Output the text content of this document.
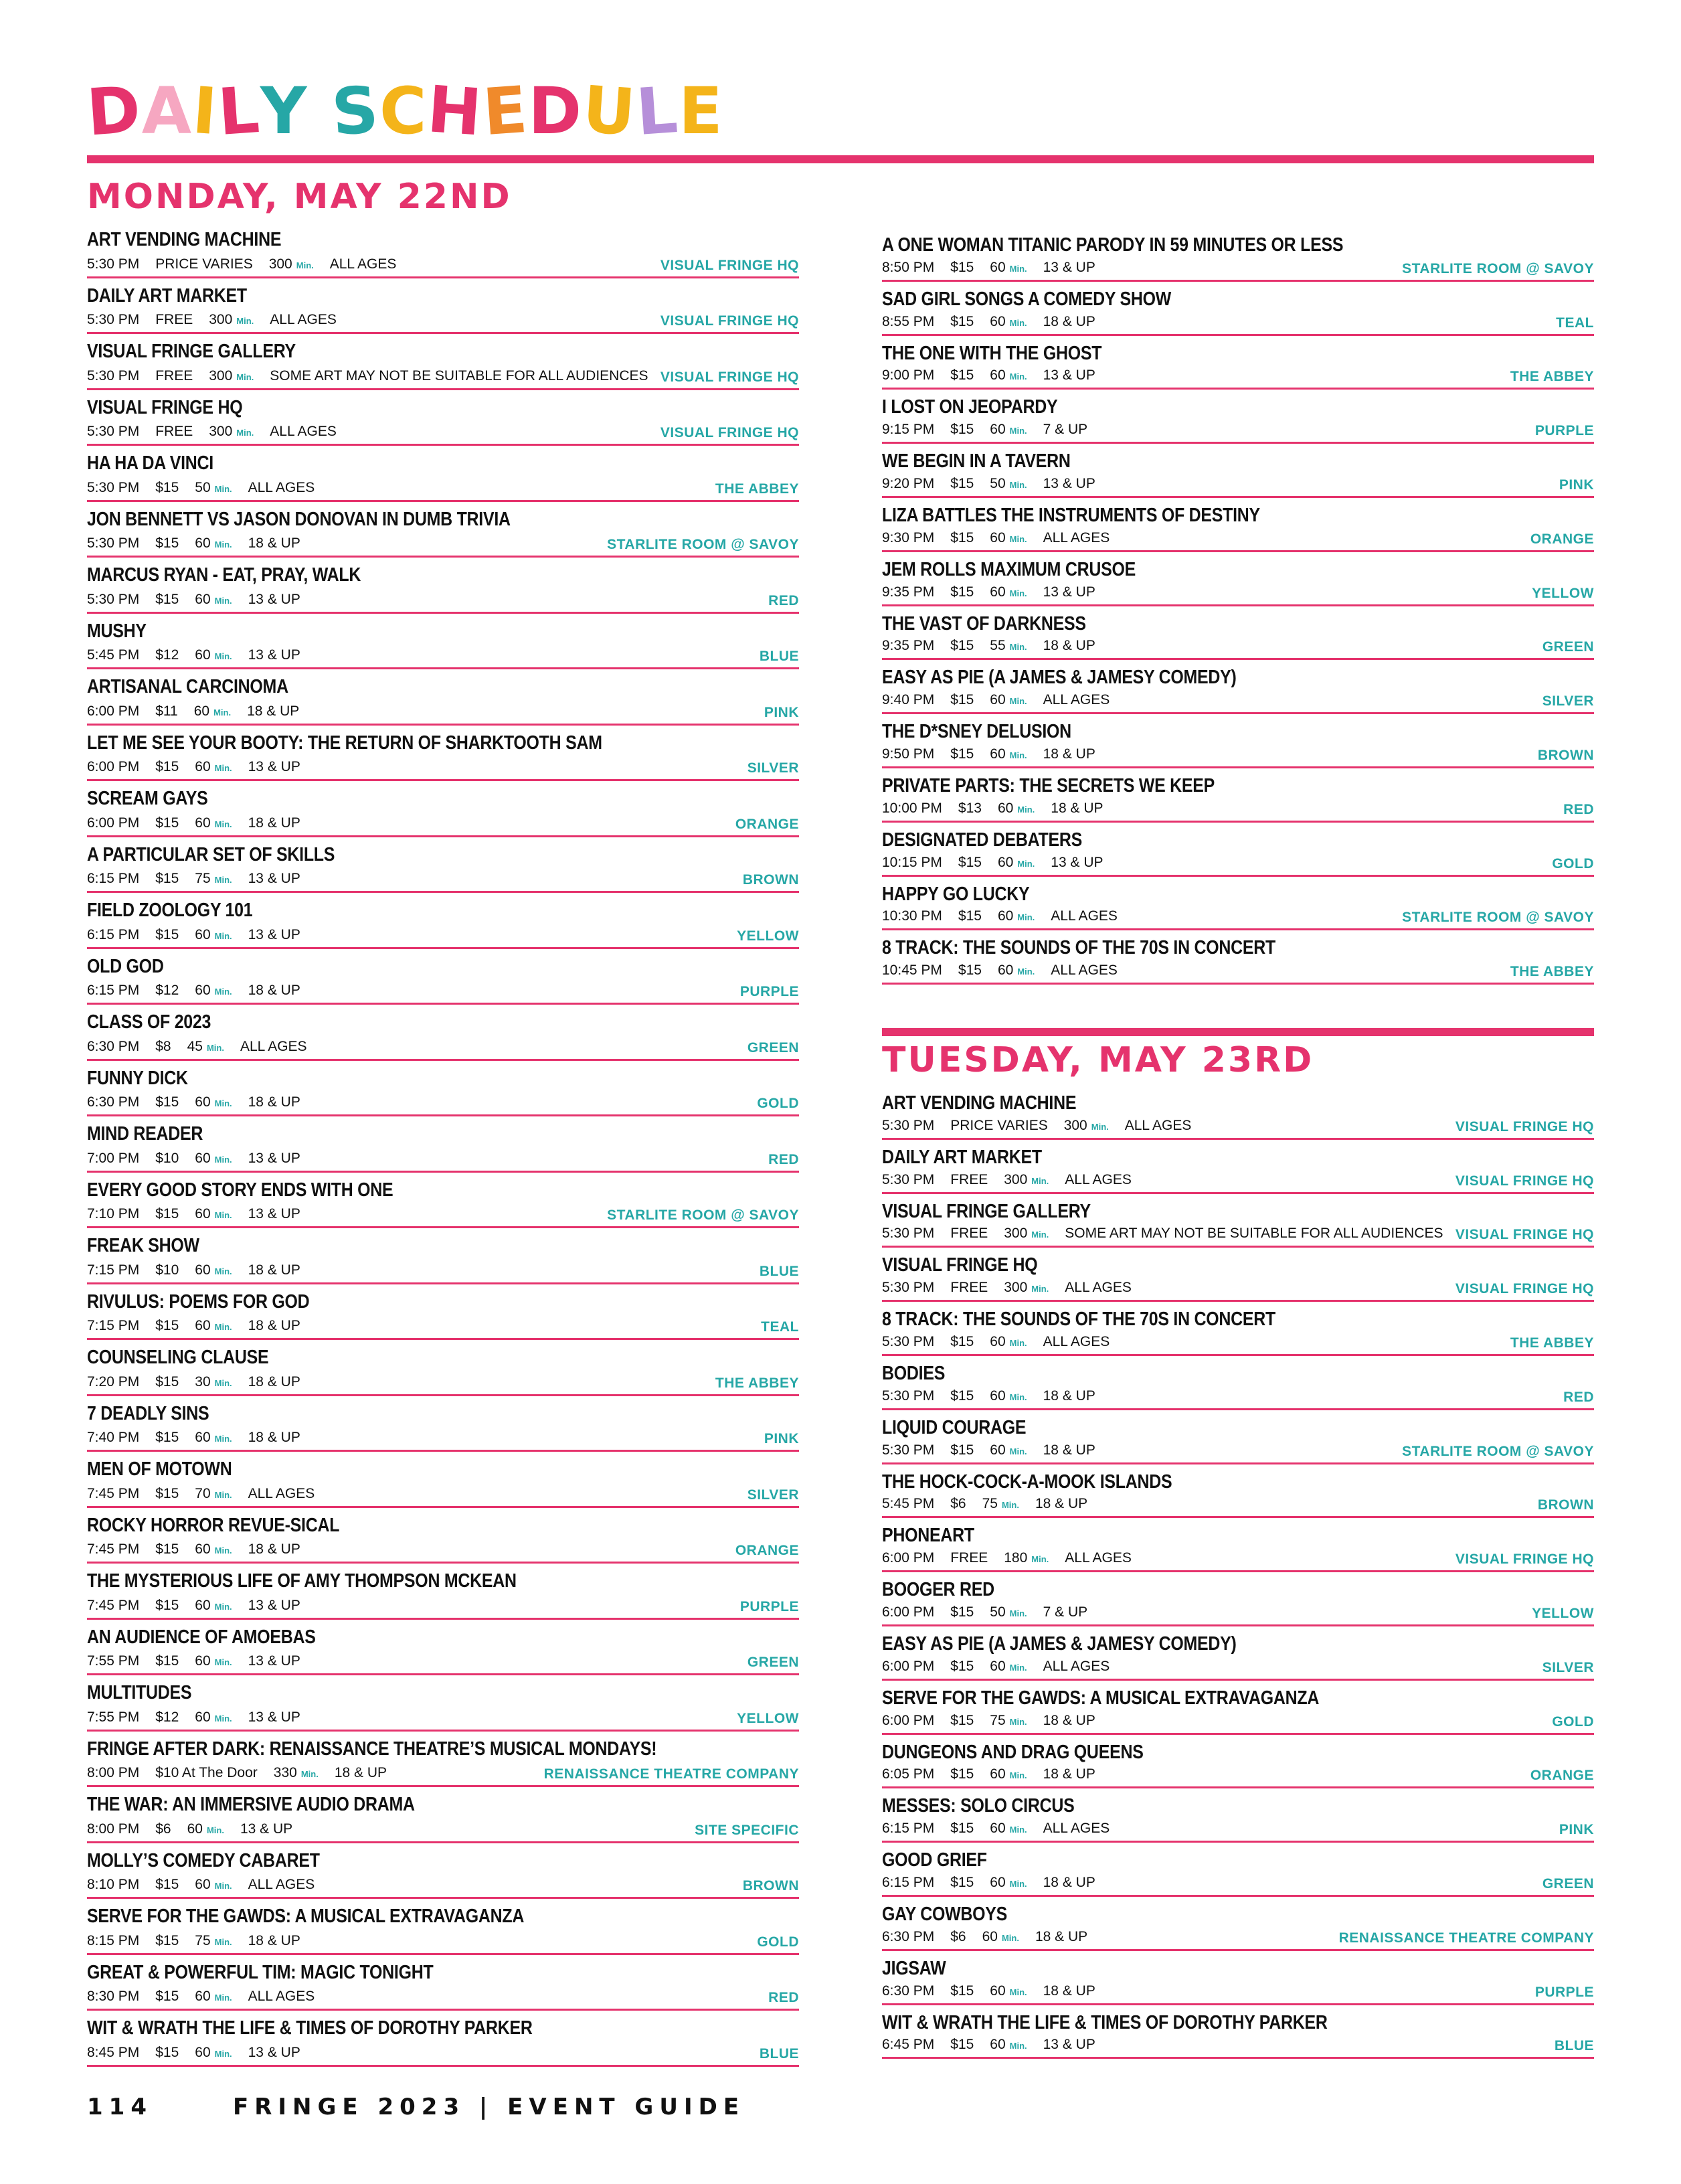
DAILY SCHEDULE
MONDAY, MAY 22ND
ART VENDING MACHINE
5:30 PM PRICE VARIES 300 Min. ALL AGES	VISUAL FRINGE HQ
DAILY ART MARKET
5:30 PM FREE 300 Min. ALL AGES	VISUAL FRINGE HQ
VISUAL FRINGE GALLERY
5:30 PM FREE 300 Min. SOME ART MAY NOT BE SUITABLE FOR ALL AUDIENCES VISUAL FRINGE HQ
VISUAL FRINGE HQ
5:30 PM FREE 300 Min. ALL AGES	VISUAL FRINGE HQ
HA HA DA VINCI
5:30 PM $15 50 Min. ALL AGES	THE ABBEY
JON BENNETT VS JASON DONOVAN IN DUMB TRIVIA
5:30 PM $15 60 Min. 18 & UP	STARLITE ROOM @ SAVOY
MARCUS RYAN - EAT, PRAY, WALK
5:30 PM $15 60 Min. 13 & UP	RED
MUSHY
5:45 PM $12 60 Min. 13 & UP	BLUE
ARTISANAL CARCINOMA
6:00 PM $11 60 Min. 18 & UP	PINK
LET ME SEE YOUR BOOTY: THE RETURN OF SHARKTOOTH SAM
6:00 PM $15 60 Min. 13 & UP	SILVER
SCREAM GAYS
6:00 PM $15 60 Min. 18 & UP	ORANGE
A PARTICULAR SET OF SKILLS
6:15 PM $15 75 Min. 13 & UP	BROWN
FIELD ZOOLOGY 101
6:15 PM $15 60 Min. 13 & UP	YELLOW
OLD GOD
6:15 PM $12 60 Min. 18 & UP	PURPLE
CLASS OF 2023
6:30 PM $8 45 Min. ALL AGES	GREEN
FUNNY DICK
6:30 PM $15 60 Min. 18 & UP	GOLD
MIND READER
7:00 PM $10 60 Min. 13 & UP	RED
EVERY GOOD STORY ENDS WITH ONE
7:10 PM $15 60 Min. 13 & UP	STARLITE ROOM @ SAVOY
FREAK SHOW
7:15 PM $10 60 Min. 18 & UP	BLUE
RIVULUS: POEMS FOR GOD
7:15 PM $15 60 Min. 18 & UP	TEAL
COUNSELING CLAUSE
7:20 PM $15 30 Min. 18 & UP	THE ABBEY
7 DEADLY SINS
7:40 PM $15 60 Min. 18 & UP	PINK
MEN OF MOTOWN
7:45 PM $15 70 Min. ALL AGES	SILVER
ROCKY HORROR REVUE-SICAL
7:45 PM $15 60 Min. 18 & UP	ORANGE
THE MYSTERIOUS LIFE OF AMY THOMPSON MCKEAN
7:45 PM $15 60 Min. 13 & UP	PURPLE
AN AUDIENCE OF AMOEBAS
7:55 PM $15 60 Min. 13 & UP	GREEN
MULTITUDES
7:55 PM $12 60 Min. 13 & UP	YELLOW
FRINGE AFTER DARK: RENAISSANCE THEATRE’S MUSICAL MONDAYS!
8:00 PM $10 At The Door 330 Min. 18 & UP	RENAISSANCE THEATRE COMPANY
THE WAR: AN IMMERSIVE AUDIO DRAMA
8:00 PM $6 60 Min. 13 & UP	SITE SPECIFIC
MOLLY’S COMEDY CABARET
8:10 PM $15 60 Min. ALL AGES	BROWN
SERVE FOR THE GAWDS: A MUSICAL EXTRAVAGANZA
8:15 PM $15 75 Min. 18 & UP	GOLD
GREAT & POWERFUL TIM: MAGIC TONIGHT
8:30 PM $15 60 Min. ALL AGES	RED
WIT & WRATH THE LIFE & TIMES OF DOROTHY PARKER
8:45 PM $15 60 Min. 13 & UP	BLUE
A ONE WOMAN TITANIC PARODY IN 59 MINUTES OR LESS
8:50 PM $15 60 Min. 13 & UP	STARLITE ROOM @ SAVOY
SAD GIRL SONGS A COMEDY SHOW
8:55 PM $15 60 Min. 18 & UP	TEAL
THE ONE WITH THE GHOST
9:00 PM $15 60 Min. 13 & UP	THE ABBEY
I LOST ON JEOPARDY
9:15 PM $15 60 Min. 7 & UP	PURPLE
WE BEGIN IN A TAVERN
9:20 PM $15 50 Min. 13 & UP	PINK
LIZA BATTLES THE INSTRUMENTS OF DESTINY
9:30 PM $15 60 Min. ALL AGES	ORANGE
JEM ROLLS MAXIMUM CRUSOE
9:35 PM $15 60 Min. 13 & UP	YELLOW
THE VAST OF DARKNESS
9:35 PM $15 55 Min. 18 & UP	GREEN
EASY AS PIE (A JAMES & JAMESY COMEDY)
9:40 PM $15 60 Min. ALL AGES	SILVER
THE D*SNEY DELUSION
9:50 PM $15 60 Min. 18 & UP	BROWN
PRIVATE PARTS: THE SECRETS WE KEEP
10:00 PM $13 60 Min. 18 & UP	RED
DESIGNATED DEBATERS
10:15 PM $15 60 Min. 13 & UP	GOLD
HAPPY GO LUCKY
10:30 PM $15 60 Min. ALL AGES	STARLITE ROOM @ SAVOY
8 TRACK: THE SOUNDS OF THE 70S IN CONCERT
10:45 PM $15 60 Min. ALL AGES	THE ABBEY
TUESDAY, MAY 23RD
ART VENDING MACHINE
5:30 PM PRICE VARIES 300 Min. ALL AGES	VISUAL FRINGE HQ
DAILY ART MARKET
5:30 PM FREE 300 Min. ALL AGES	VISUAL FRINGE HQ
VISUAL FRINGE GALLERY
5:30 PM FREE 300 Min. SOME ART MAY NOT BE SUITABLE FOR ALL AUDIENCES VISUAL FRINGE HQ
VISUAL FRINGE HQ
5:30 PM FREE 300 Min. ALL AGES	VISUAL FRINGE HQ
8 TRACK: THE SOUNDS OF THE 70S IN CONCERT
5:30 PM $15 60 Min. ALL AGES	THE ABBEY
BODIES
5:30 PM $15 60 Min. 18 & UP	RED
LIQUID COURAGE
5:30 PM $15 60 Min. 18 & UP	STARLITE ROOM @ SAVOY
THE HOCK-COCK-A-MOOK ISLANDS
5:45 PM $6 75 Min. 18 & UP	BROWN
PHONEART
6:00 PM FREE 180 Min. ALL AGES	VISUAL FRINGE HQ
BOOGER RED
6:00 PM $15 50 Min. 7 & UP	YELLOW
EASY AS PIE (A JAMES & JAMESY COMEDY)
6:00 PM $15 60 Min. ALL AGES	SILVER
SERVE FOR THE GAWDS: A MUSICAL EXTRAVAGANZA
6:00 PM $15 75 Min. 18 & UP	GOLD
DUNGEONS AND DRAG QUEENS
6:05 PM $15 60 Min. 18 & UP	ORANGE
MESSES: SOLO CIRCUS
6:15 PM $15 60 Min. ALL AGES	PINK
GOOD GRIEF
6:15 PM $15 60 Min. 18 & UP	GREEN
GAY COWBOYS
6:30 PM $6 60 Min. 18 & UP	RENAISSANCE THEATRE COMPANY
JIGSAW
6:30 PM $15 60 Min. 18 & UP	PURPLE
WIT & WRATH THE LIFE & TIMES OF DOROTHY PARKER
6:45 PM $15 60 Min. 13 & UP	BLUE
114	FRINGE 2023 | EVENT GUIDE
